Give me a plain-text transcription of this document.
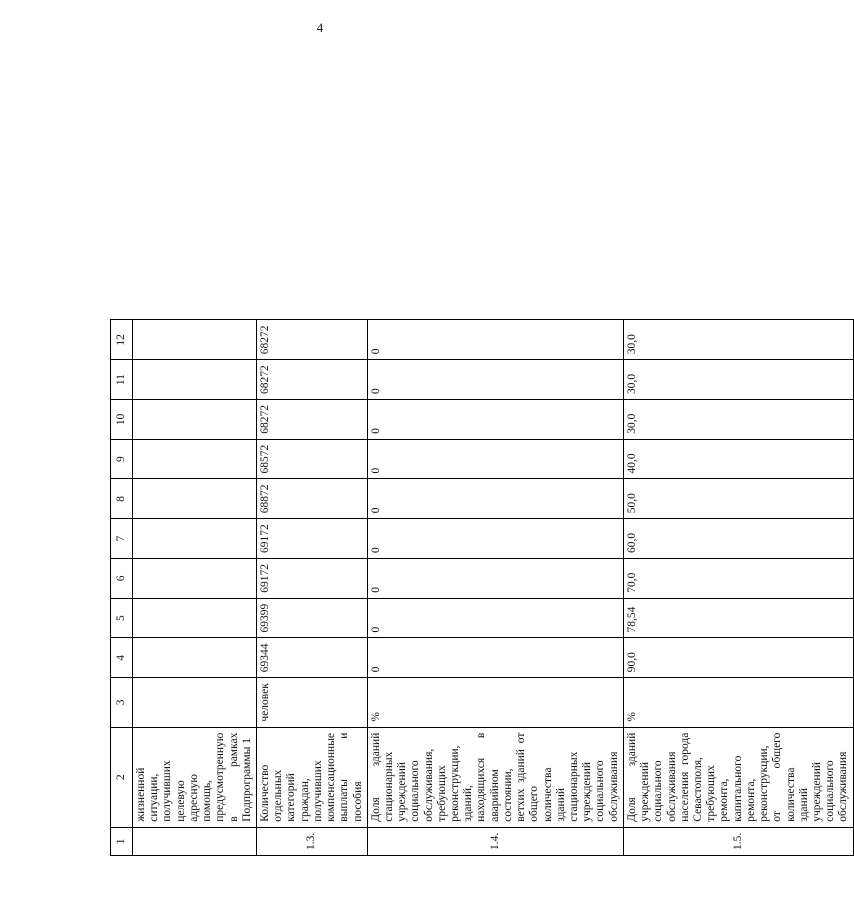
4
1	2	3	4	5	6	7	8	9	10	11	12

	жизненной ситуации, получивших целевую адресную помощь, предусмотренную в рамках Подпрограммы 1										

1.3.	Количество отдельных категорий граждан, получивших компенсационные выплаты и пособия	человек	69344	69399	69172	69172	68872	68572	68272	68272	68272
1.4.	Доля зданий стационарных учреждений социального обслуживания, требующих реконструкции, зданий, находящихся в аварийном состоянии, ветхих зданий от общего количества зданий стационарных учреждений социального обслуживания	%	0	0	0	0	0	0	0	0	0
1.5.	Доля зданий учреждений социального обслуживания населения города Севастополя, требующих ремонта, капитального ремонта, реконструкции, от общего количества зданий учреждений социального обслуживания	%	90,0	78,54	70,0	60,0	50,0	40,0	30,0	30,0	30,0
